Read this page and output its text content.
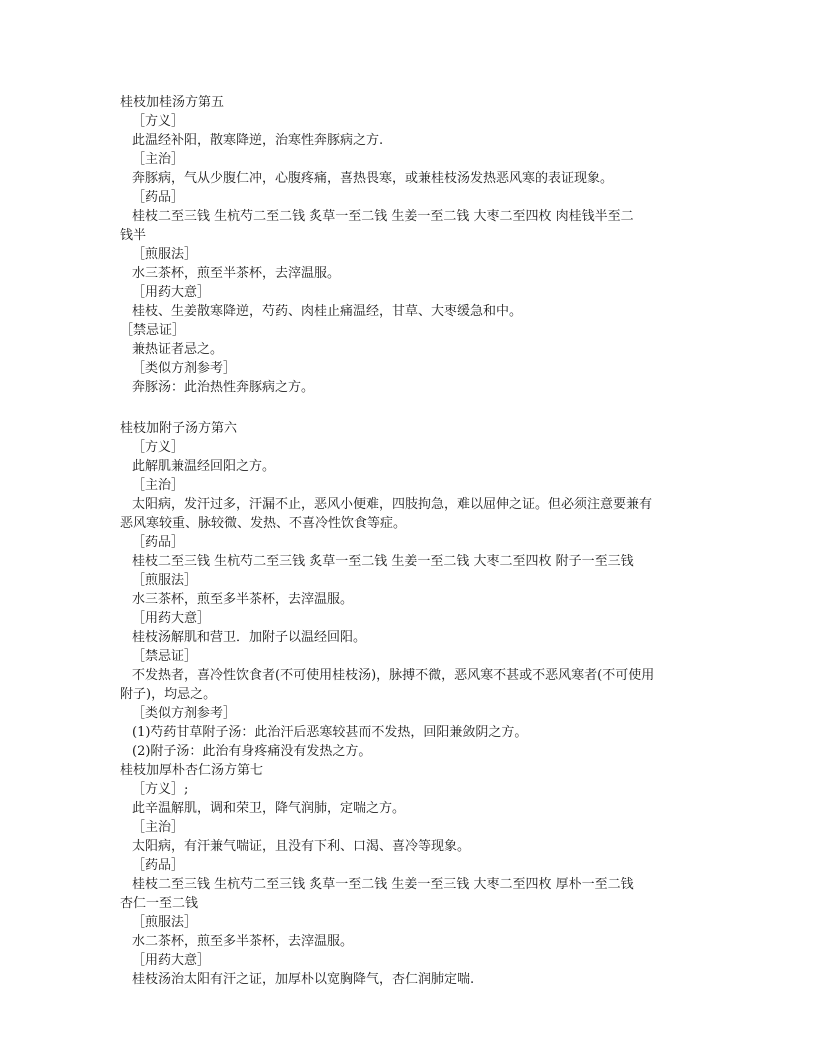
桂枝加桂汤方第五
［方义］
此温经补阳，散寒降逆，治寒性奔豚病之方.
［主治］
奔豚病，气从少腹仁冲，心腹疼痛，喜热畏寒，或兼桂枝汤发热恶风寒的表证现象。
［药品］
桂枝二至三钱 生杭芍二至二钱 炙草一至二钱 生姜一至二钱 大枣二至四枚 肉桂钱半至二
钱半
［煎服法］
水三茶杯，煎至半茶杯，去滓温服。
［用药大意］
桂枝、生姜散寒降逆，芍药、肉桂止痛温经，甘草、大枣缓急和中。
［禁忌证］
兼热证者忌之。
［类似方剂参考］
奔豚汤：此治热性奔豚病之方。
桂枝加附子汤方第六
［方义］
此解肌兼温经回阳之方。
［主治］
太阳病，发汗过多，汗漏不止，恶风小便难，四肢拘急，难以屈伸之证。但必须注意要兼有
恶风寒较重、脉较微、发热、不喜冷性饮食等症。
［药品］
桂枝二至三钱 生杭芍二至三钱 炙草一至二钱 生姜一至二钱 大枣二至四枚 附子一至三钱
［煎服法］
水三茶杯，煎至多半茶杯，去滓温服。
［用药大意］
桂枝汤解肌和营卫．加附子以温经回阳。
［禁忌证］
不发热者，喜冷性饮食者(不可使用桂枝汤)，脉搏不微，恶风寒不甚或不恶风寒者(不可使用
附子)，均忌之。
［类似方剂参考］
(1)芍药甘草附子汤：此治汗后恶寒较甚而不发热，回阳兼敛阴之方。
(2)附子汤：此治有身疼痛没有发热之方。
桂枝加厚朴杏仁汤方第七
［方义］;
此辛温解肌，调和荣卫，降气润肺，定喘之方。
［主治］
太阳病，有汗兼气喘证，且没有下利、口渴、喜冷等现象。
［药品］
桂枝二至三钱 生杭芍二至三钱 炙草一至二钱 生姜一至三钱 大枣二至四枚 厚朴一至二钱
杏仁一至二钱
［煎服法］
水二茶杯，煎至多半茶杯，去滓温服。
［用药大意］
桂枝汤治太阳有汗之证，加厚朴以宽胸降气，杏仁润肺定喘.
